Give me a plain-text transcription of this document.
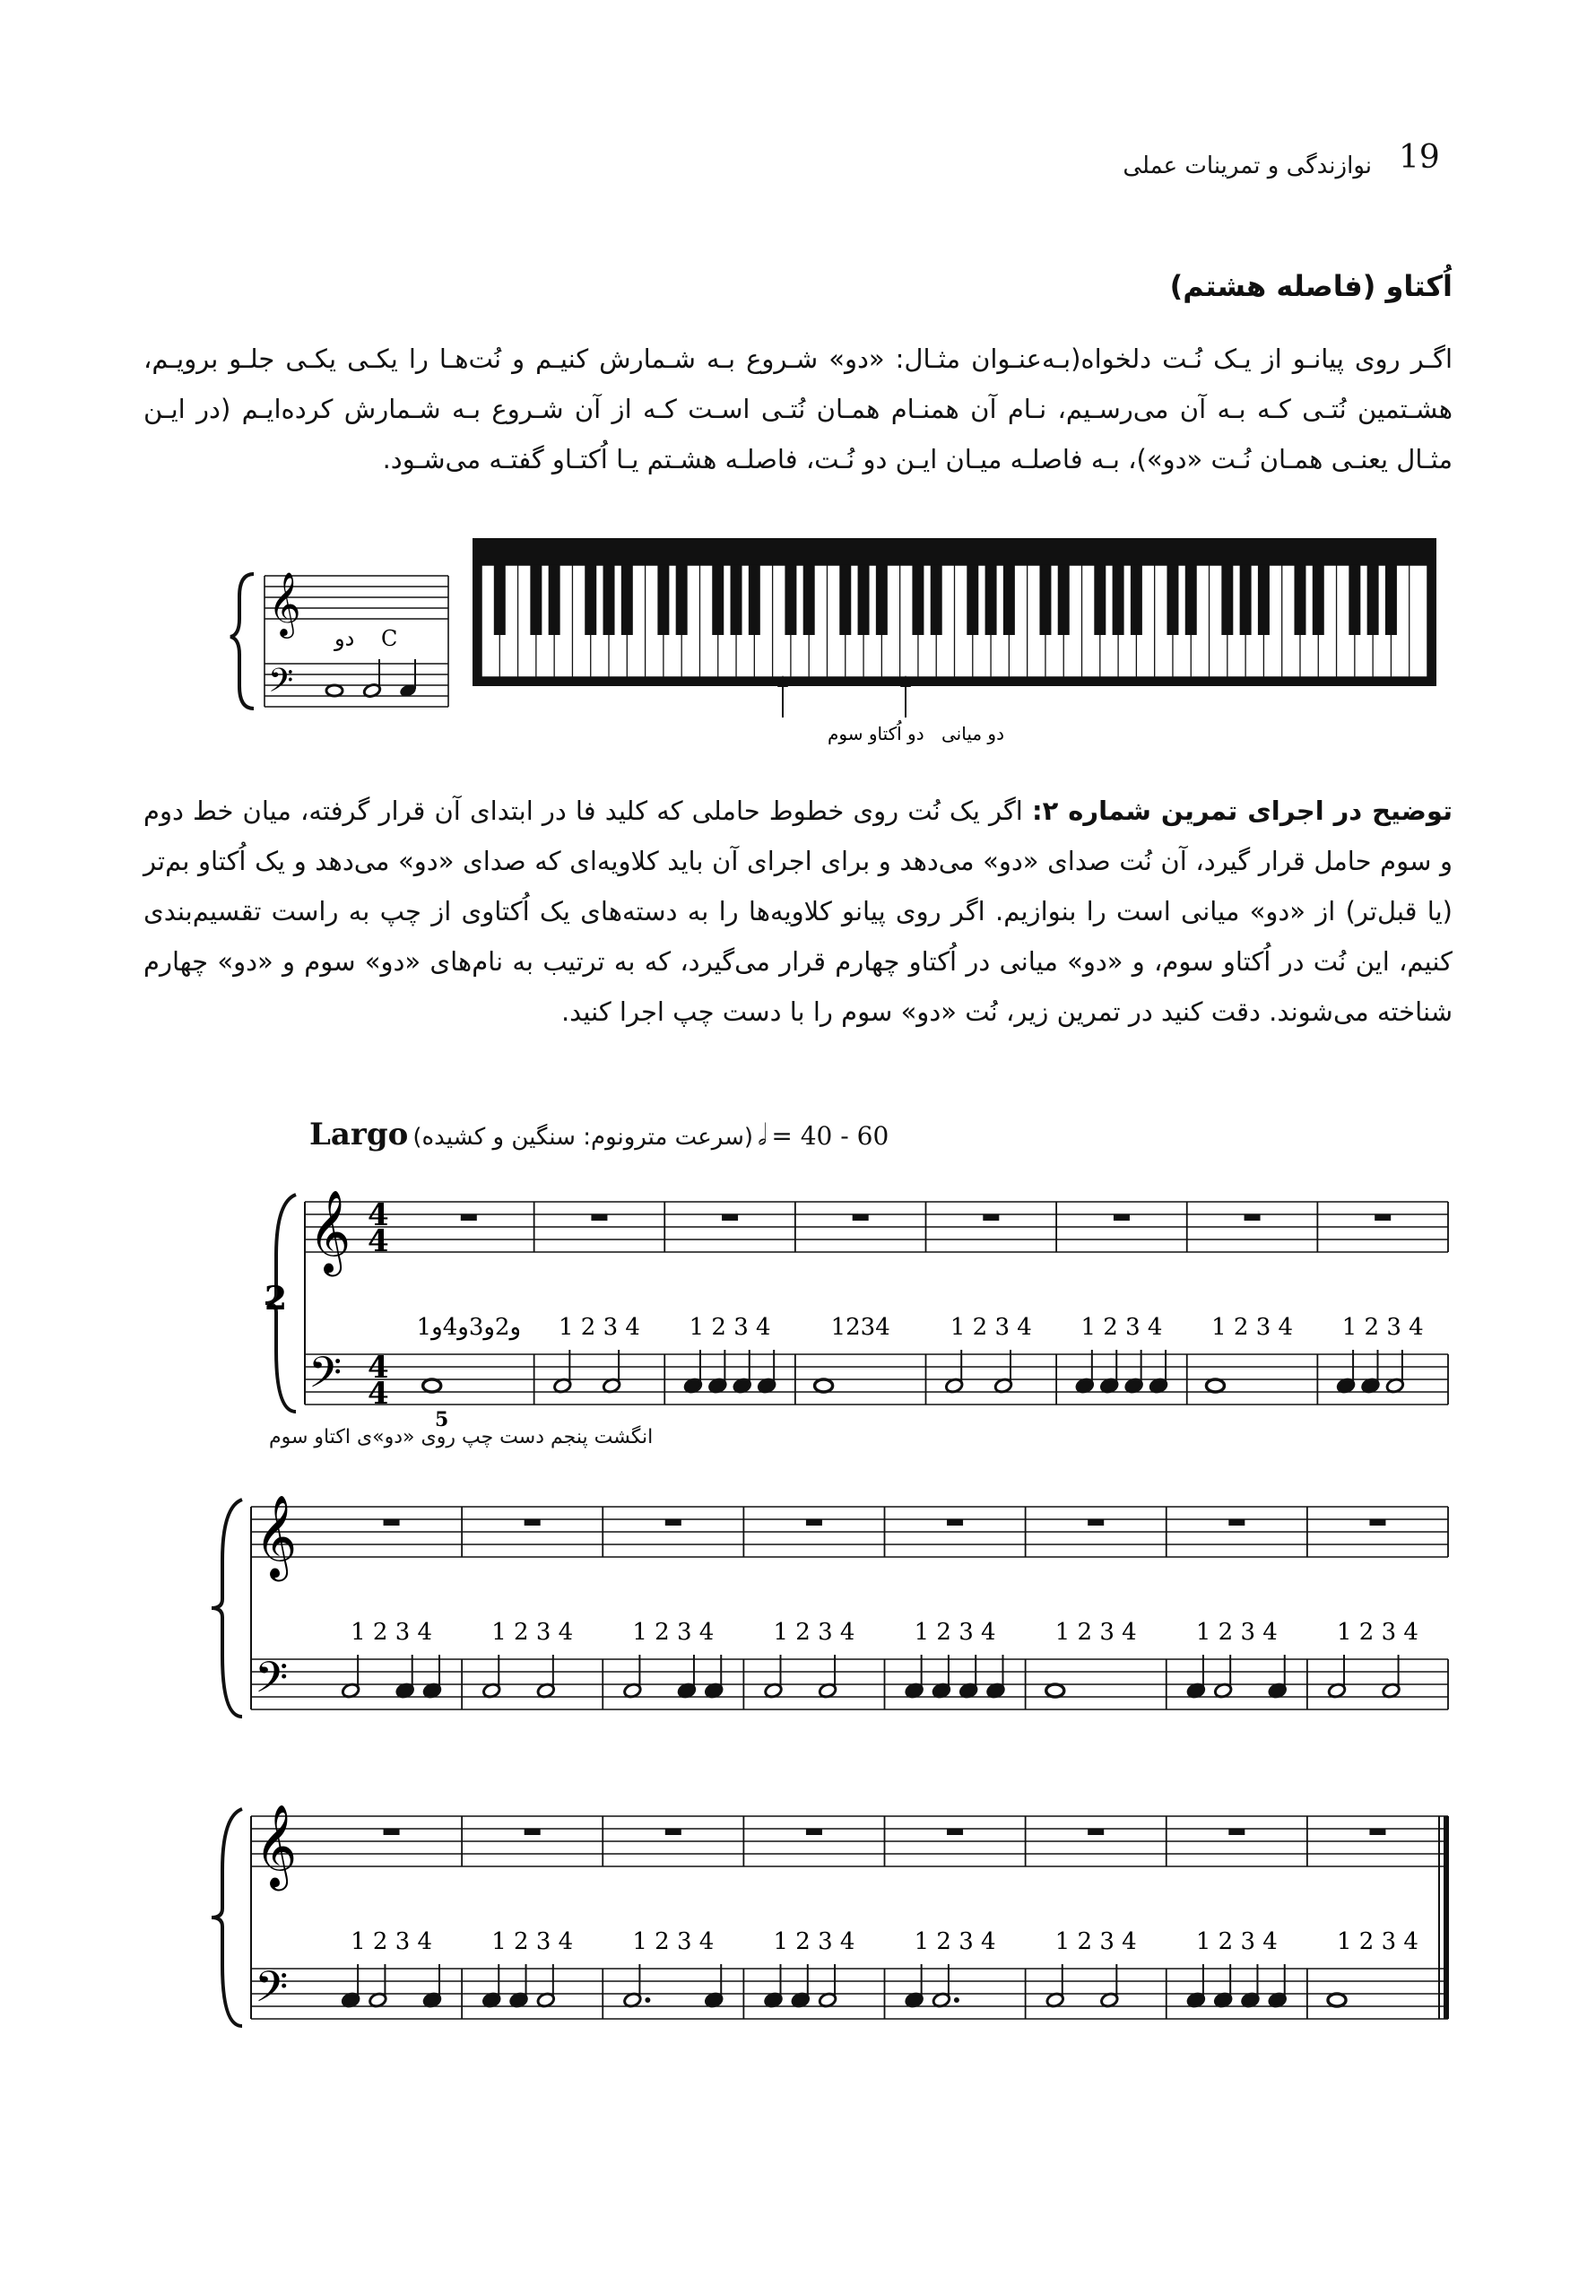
19
نوازندگی و تمرینات عملی
اُکتاو (فاصله هشتم)
اگـر روی پیانـو از یـک نُـت دلخواه(بـه‌عنـوان مثـال: «دو» شـروع بـه شـمارش کنیـم و نُت‌هـا را یکـی یکـی جلـو برویـم، هشـتمین نُتـی کـه بـه آن می‌رسـیم، نـام آن همنـام همـان نُتـی اسـت کـه از آن شـروع بـه شـمارش کرده‌ایـم (در ایـن مثـال یعنـی همـان نُـت «دو»)، بـه فاصلـه میـان ایـن دو نُـت، فاصلـه هشـتم یـا اُکتـاو گفتـه می‌شـود.
𝄞
𝄢
دو C
دو اُکتاو سوم دو میانی
توضیح در اجرای تمرین شماره ۲: اگر یک نُت روی خطوط حاملی که کلید فا در ابتدای آن قرار گرفته، میان خط دوم و سوم حامل قرار گیرد، آن نُت صدای «دو» می‌دهد و برای اجرای آن باید کلاویه‌ای که صدای «دو» می‌دهد و یک اُکتاو بم‌تر (یا قبل‌تر) از «دو» میانی است را بنوازیم. اگر روی پیانو کلاویه‌ها را به دسته‌های یک اُکتاوی از چپ به راست تقسیم‌بندی کنیم، این نُت در اُکتاو سوم، و «دو» میانی در اُکتاو چهارم قرار می‌گیرد، که به ترتیب به نام‌های «دو» سوم و «دو» چهارم شناخته می‌شوند. دقت کنید در تمرین زیر، نُت «دو» سوم را با دست چپ اجرا کنید.
Largo (سرعت مترونوم: سنگین و کشیده) 𝅗𝅥 = 40 - 60
𝄞
𝄢
4
4
4
4
1و2و3و4و 1 2 3 4 1 2 3 4	1234	1 2 3 4 1 2 3 4 1 2 3 4 1 2 3 4
2
5
𝄞
𝄢
1 2 3 4	1 2 3 4	1 2 3 4	1 2 3 4	1 2 3 4	1 2 3 4	1 2 3 4	1 2 3 4
𝄞
𝄢
1 2 3 4	1 2 3 4	1 2 3 4	1 2 3 4	1 2 3 4	1 2 3 4	1 2 3 4	1 2 3 4
انگشت پنجم دست چپ روی «دو»ی اکتاو سوم
